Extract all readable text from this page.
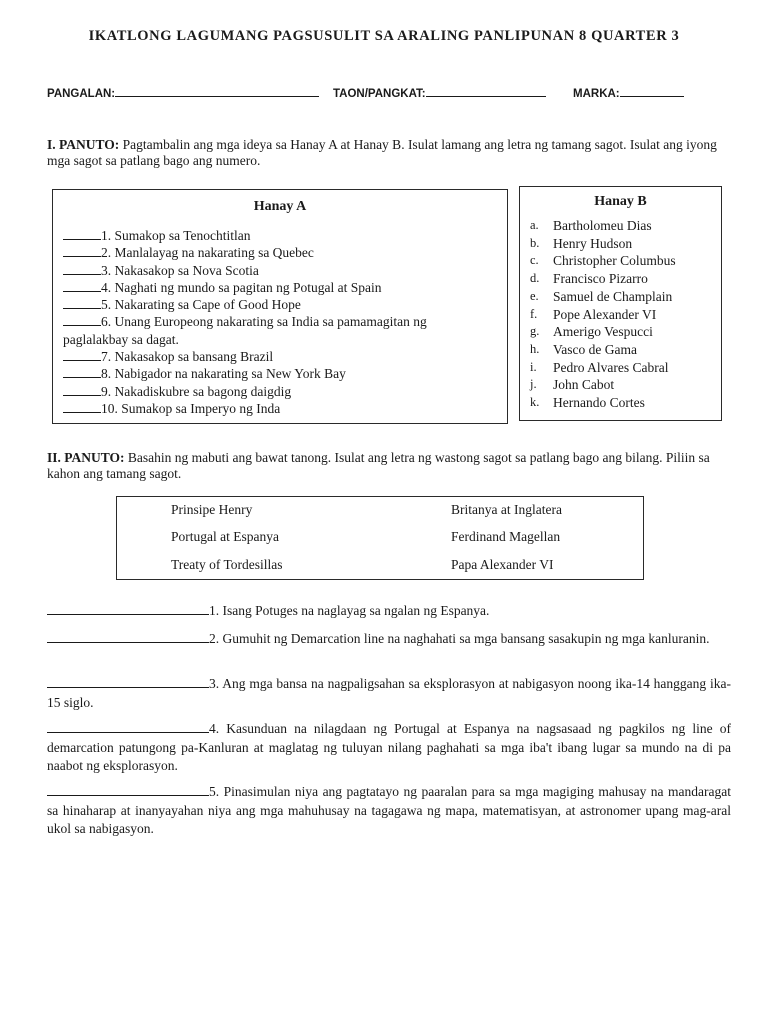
IKATLONG LAGUMANG PAGSUSULIT SA ARALING PANLIPUNAN 8 QUARTER 3
PANGALAN:	TAON/PANGKAT:	MARKA:
I. PANUTO: Pagtambalin ang mga ideya sa Hanay A at Hanay B. Isulat lamang ang letra ng tamang sagot. Isulat ang iyong mga sagot sa patlang bago ang numero.
Hanay A
1. Sumakop sa Tenochtitlan
2. Manlalayag na nakarating sa Quebec
3. Nakasakop sa Nova Scotia
4. Naghati ng mundo sa pagitan ng Potugal at Spain
5. Nakarating sa Cape of Good Hope
6. Unang Europeong nakarating sa India sa pamamagitan ng
paglalakbay sa dagat.
7. Nakasakop sa bansang Brazil
8. Nabigador na nakarating sa New York Bay
9. Nakadiskubre sa bagong daigdig
10. Sumakop sa Imperyo ng Inda
Hanay B
a.	Bartholomeu Dias
b.	Henry Hudson
c.	Christopher Columbus
d.	Francisco Pizarro
e.	Samuel de Champlain
f.	Pope Alexander VI
g.	Amerigo Vespucci
h.	Vasco de Gama
i.	Pedro Alvares Cabral
j.	John Cabot
k.	Hernando Cortes
II. PANUTO: Basahin ng mabuti ang bawat tanong. Isulat ang letra ng wastong sagot sa patlang bago ang bilang. Piliin sa kahon ang tamang sagot.
Prinsipe Henry	Britanya at Inglatera
Portugal at Espanya	Ferdinand Magellan
Treaty of Tordesillas	Papa Alexander VI
1. Isang Potuges na naglayag sa ngalan ng Espanya.
2. Gumuhit ng Demarcation line na naghahati sa mga bansang sasakupin ng mga kanluranin.
3. Ang mga bansa na nagpaligsahan sa eksplorasyon at nabigasyon noong ika-14 hanggang ika-15 siglo.
4. Kasunduan na nilagdaan ng Portugal at Espanya na nagsasaad ng pagkilos ng line of demarcation patungong pa-Kanluran at maglatag ng tuluyan nilang paghahati sa mga iba't ibang lugar sa mundo na di pa naabot ng eksplorasyon.
5. Pinasimulan niya ang pagtatayo ng paaralan para sa mga magiging mahusay na mandaragat sa hinaharap at inanyayahan niya ang mga mahuhusay na tagagawa ng mapa, matematisyan, at astronomer upang mag-aral ukol sa nabigasyon.
